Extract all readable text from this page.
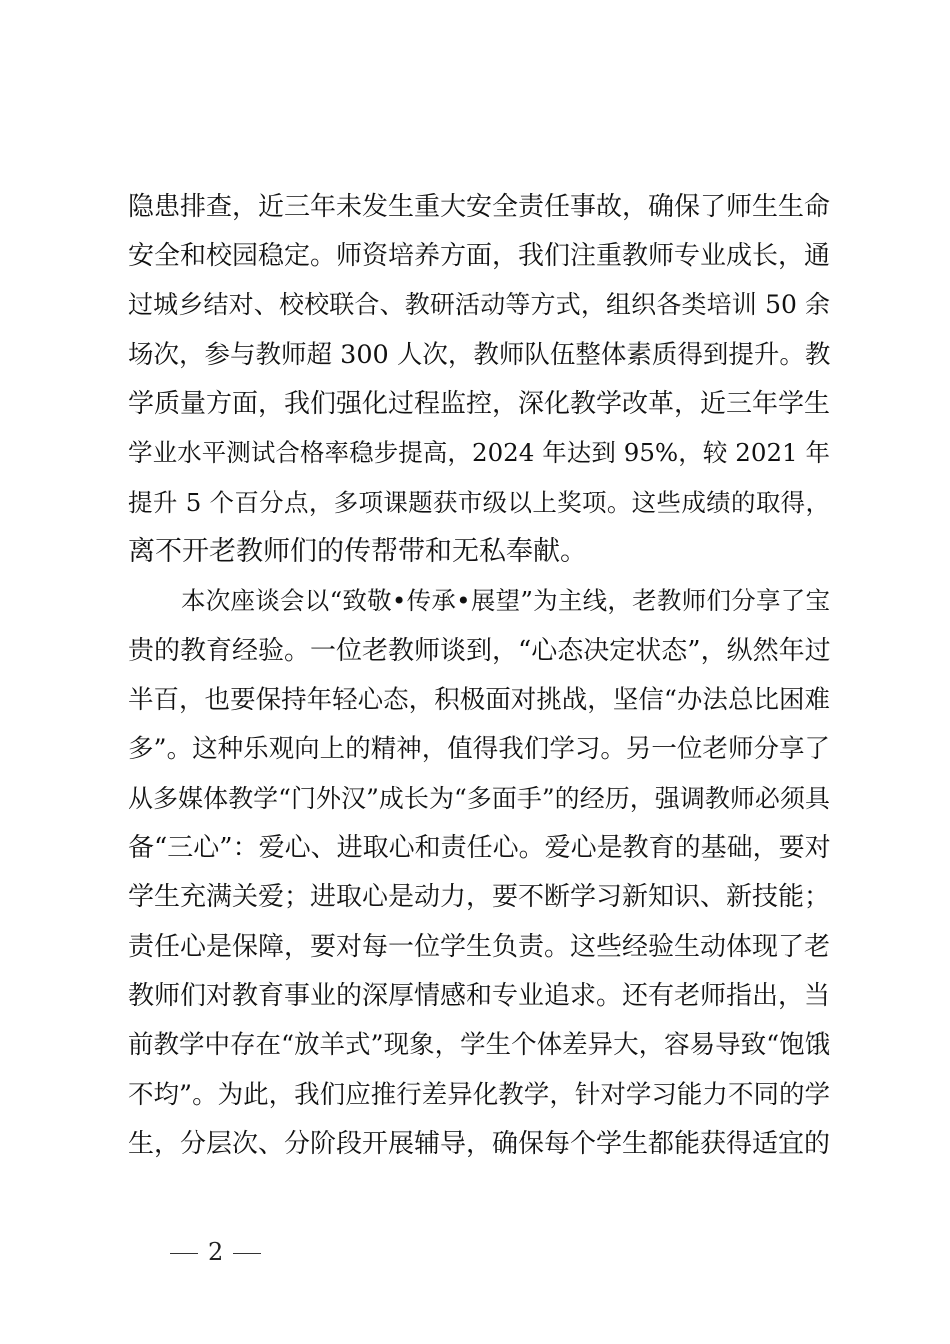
隐患排查，近三年未发生重大安全责任事故，确保了师生生命
安全和校园稳定。师资培养方面，我们注重教师专业成长，通
过城乡结对、校校联合、教研活动等方式，组织各类培训 50 余
场次，参与教师超 300 人次，教师队伍整体素质得到提升。教
学质量方面，我们强化过程监控，深化教学改革，近三年学生
学业水平测试合格率稳步提高，2024 年达到 95%，较 2021 年
提升 5 个百分点，多项课题获市级以上奖项。这些成绩的取得，
离不开老教师们的传帮带和无私奉献。
本次座谈会以“致敬•传承•展望”为主线，老教师们分享了宝
贵的教育经验。一位老教师谈到，“心态决定状态”，纵然年过
半百，也要保持年轻心态，积极面对挑战，坚信“办法总比困难
多”。这种乐观向上的精神，值得我们学习。另一位老师分享了
从多媒体教学“门外汉”成长为“多面手”的经历，强调教师必须具
备“三心”：爱心、进取心和责任心。爱心是教育的基础，要对
学生充满关爱；进取心是动力，要不断学习新知识、新技能；
责任心是保障，要对每一位学生负责。这些经验生动体现了老
教师们对教育事业的深厚情感和专业追求。还有老师指出，当
前教学中存在“放羊式”现象，学生个体差异大，容易导致“饱饿
不均”。为此，我们应推行差异化教学，针对学习能力不同的学
生，分层次、分阶段开展辅导，确保每个学生都能获得适宜的
2
